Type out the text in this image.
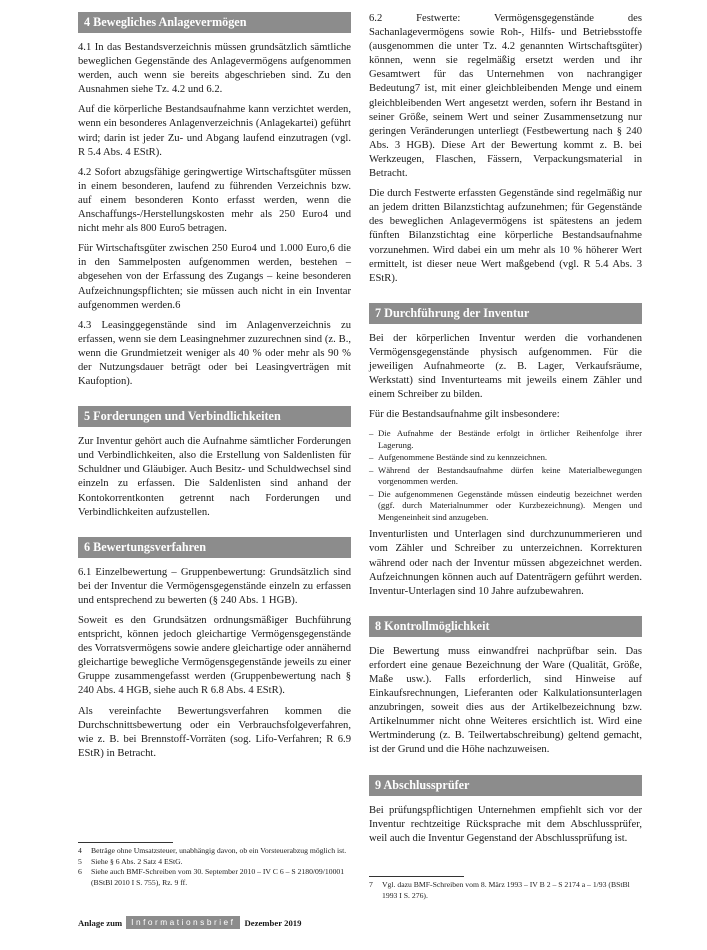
4 Bewegliches Anlagevermögen

4.1 In das Bestandsverzeichnis müssen grundsätzlich sämtliche beweglichen Gegenstände des Anlagevermögens aufgenommen werden, auch wenn sie bereits abgeschrieben sind. Zu den Ausnahmen siehe Tz. 4.2 und 6.2.

Auf die körperliche Bestandsaufnahme kann verzichtet werden, wenn ein besonderes Anlagenverzeichnis (Anlagekartei) geführt wird; darin ist jeder Zu- und Abgang laufend einzutragen (vgl. R 5.4 Abs. 4 EStR).

4.2 Sofort abzugsfähige geringwertige Wirtschaftsgüter müssen in einem besonderen, laufend zu führenden Verzeichnis bzw. auf einem besonderen Konto erfasst werden, wenn die Anschaffungs-/Herstellungskosten mehr als 250 Euro4 und nicht mehr als 800 Euro5 betragen.

Für Wirtschaftsgüter zwischen 250 Euro4 und 1.000 Euro,6 die in den Sammelposten aufgenommen werden, bestehen – abgesehen von der Erfassung des Zugangs – keine besonderen Aufzeichnungspflichten; sie müssen auch nicht in ein Inventar aufgenommen werden.6

4.3 Leasinggegenstände sind im Anlagenverzeichnis zu erfassen, wenn sie dem Leasingnehmer zuzurechnen sind (z. B., wenn die Grundmietzeit weniger als 40 % oder mehr als 90 % der Nutzungsdauer beträgt oder bei Leasingverträgen mit Kaufoption).

5 Forderungen und Verbindlichkeiten

Zur Inventur gehört auch die Aufnahme sämtlicher Forderungen und Verbindlichkeiten, also die Erstellung von Saldenlisten für Schuldner und Gläubiger. Auch Besitz- und Schuldwechsel sind einzeln zu erfassen. Die Saldenlisten sind anhand der Kontokorrentkonten getrennt nach Forderungen und Verbindlichkeiten aufzustellen.

6 Bewertungsverfahren

6.1 Einzelbewertung – Gruppenbewertung: Grundsätzlich sind bei der Inventur die Vermögensgegenstände einzeln zu erfassen und entsprechend zu bewerten (§ 240 Abs. 1 HGB).

Soweit es den Grundsätzen ordnungsmäßiger Buchführung entspricht, können jedoch gleichartige Vermögensgegenstände des Vorratsvermögens sowie andere gleichartige oder annähernd gleichartige bewegliche Vermögensgegenstände jeweils zu einer Gruppe zusammengefasst werden (Gruppenbewertung nach § 240 Abs. 4 HGB, siehe auch R 6.8 Abs. 4 EStR).

Als vereinfachte Bewertungsverfahren kommen die Durchschnittsbewertung oder ein Verbrauchsfolgeverfahren, wie z. B. bei Brennstoff-Vorräten (sog. Lifo-Verfahren; R 6.9 EStR) in Betracht.

6.2 Festwerte: Vermögensgegenstände des Sachanlagevermögens sowie Roh-, Hilfs- und Betriebsstoffe (ausgenommen die unter Tz. 4.2 genannten Wirtschaftsgüter) können, wenn sie regelmäßig ersetzt werden und ihr Gesamtwert für das Unternehmen von nachrangiger Bedeutung7 ist, mit einer gleichbleibenden Menge und einem gleichbleibenden Wert angesetzt werden, sofern ihr Bestand in seiner Größe, seinem Wert und seiner Zusammensetzung nur geringen Veränderungen unterliegt (Festbewertung nach § 240 Abs. 3 HGB). Diese Art der Bewertung kommt z. B. bei Werkzeugen, Flaschen, Fässern, Verpackungsmaterial in Betracht.

Die durch Festwerte erfassten Gegenstände sind regelmäßig nur an jedem dritten Bilanzstichtag aufzunehmen; für Gegenstände des beweglichen Anlagevermögens ist spätestens an jedem fünften Bilanzstichtag eine körperliche Bestandsaufnahme vorzunehmen. Wird dabei ein um mehr als 10 % höherer Wert ermittelt, ist dieser neue Wert maßgebend (vgl. R 5.4 Abs. 3 EStR).

7 Durchführung der Inventur

Bei der körperlichen Inventur werden die vorhandenen Vermögensgegenstände physisch aufgenommen. Für die jeweiligen Aufnahmeorte (z. B. Lager, Verkaufsräume, Werkstatt) sind Inventurteams mit jeweils einem Zähler und einem Schreiber zu bilden.

Für die Bestandsaufnahme gilt insbesondere:

– Die Aufnahme der Bestände erfolgt in örtlicher Reihenfolge ihrer Lagerung.
– Aufgenommene Bestände sind zu kennzeichnen.
– Während der Bestandsaufnahme dürfen keine Materialbewegungen vorgenommen werden.
– Die aufgenommenen Gegenstände müssen eindeutig bezeichnet werden (ggf. durch Materialnummer oder Kurzbezeichnung). Mengen und Mengeneinheit sind anzugeben.

Inventurlisten und Unterlagen sind durchzunummerieren und vom Zähler und Schreiber zu unterzeichnen. Korrekturen während oder nach der Inventur müssen abgezeichnet werden. Aufzeichnungen können auch auf Datenträgern geführt werden. Inventur-Unterlagen sind 10 Jahre aufzubewahren.

8 Kontrollmöglichkeit

Die Bewertung muss einwandfrei nachprüfbar sein. Das erfordert eine genaue Bezeichnung der Ware (Qualität, Größe, Maße usw.). Falls erforderlich, sind Hinweise auf Einkaufsrechnungen, Lieferanten oder Kalkulationsunterlagen anzubringen, soweit dies aus der Artikelbezeichnung bzw. Artikelnummer nicht ohne Weiteres ersichtlich ist. Wird eine Wertminderung (z. B. Teilwertabschreibung) geltend gemacht, ist der Grund und die Höhe nachzuweisen.

9 Abschlussprüfer

Bei prüfungspflichtigen Unternehmen empfiehlt sich vor der Inventur rechtzeitige Rücksprache mit dem Abschlussprüfer, weil auch die Inventur Gegenstand der Abschlussprüfung ist.

4	Beträge ohne Umsatzsteuer, unabhängig davon, ob ein Vorsteuerabzug möglich ist.
5	Siehe § 6 Abs. 2 Satz 4 EStG.
6	Siehe auch BMF-Schreiben vom 30. September 2010 – IV C 6 – S 2180/09/10001 (BStBl 2010 I S. 755), Rz. 9 ff.	7	Vgl. dazu BMF-Schreiben vom 8. März 1993 – IV B 2 – S 2174 a – 1/93 (BStBl 1993 I S. 276).
Anlage zum	Informationsbrief	Dezember 2019
